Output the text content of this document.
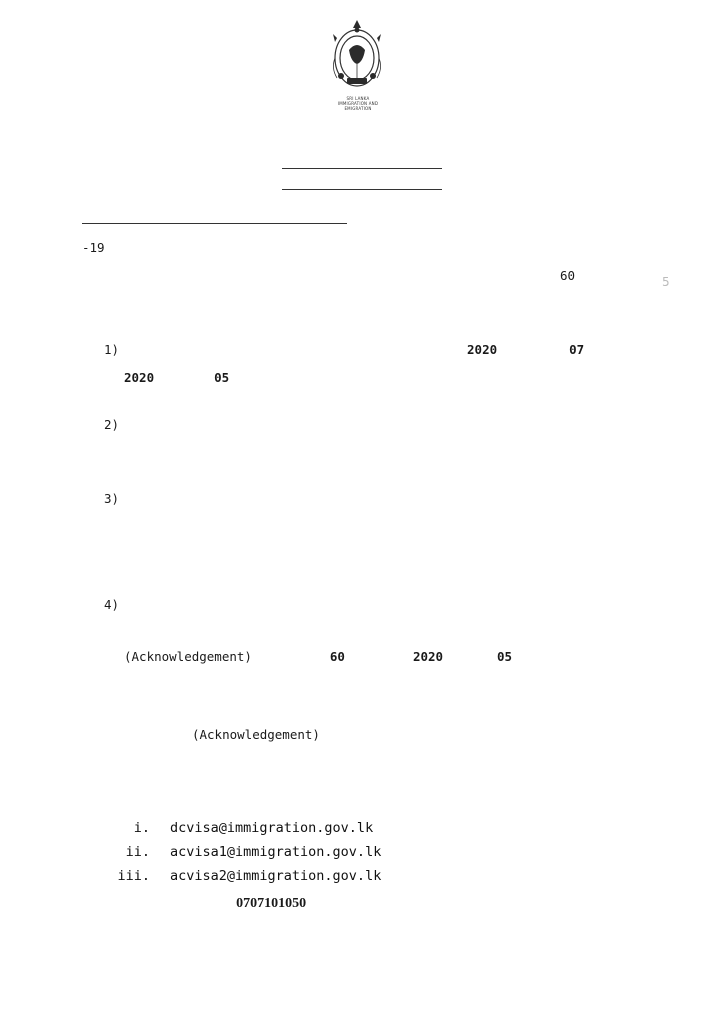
SRI LANKA
IMMIGRATION AND EMIGRATION
5
-19
60
1)	2020	07
2020	05
2)
3)
4)
(Acknowledgement)	60	2020	05
(Acknowledgement)
i. dcvisa@immigration.gov.lk
ii. acvisa1@immigration.gov.lk
iii. acvisa2@immigration.gov.lk
0707101050
